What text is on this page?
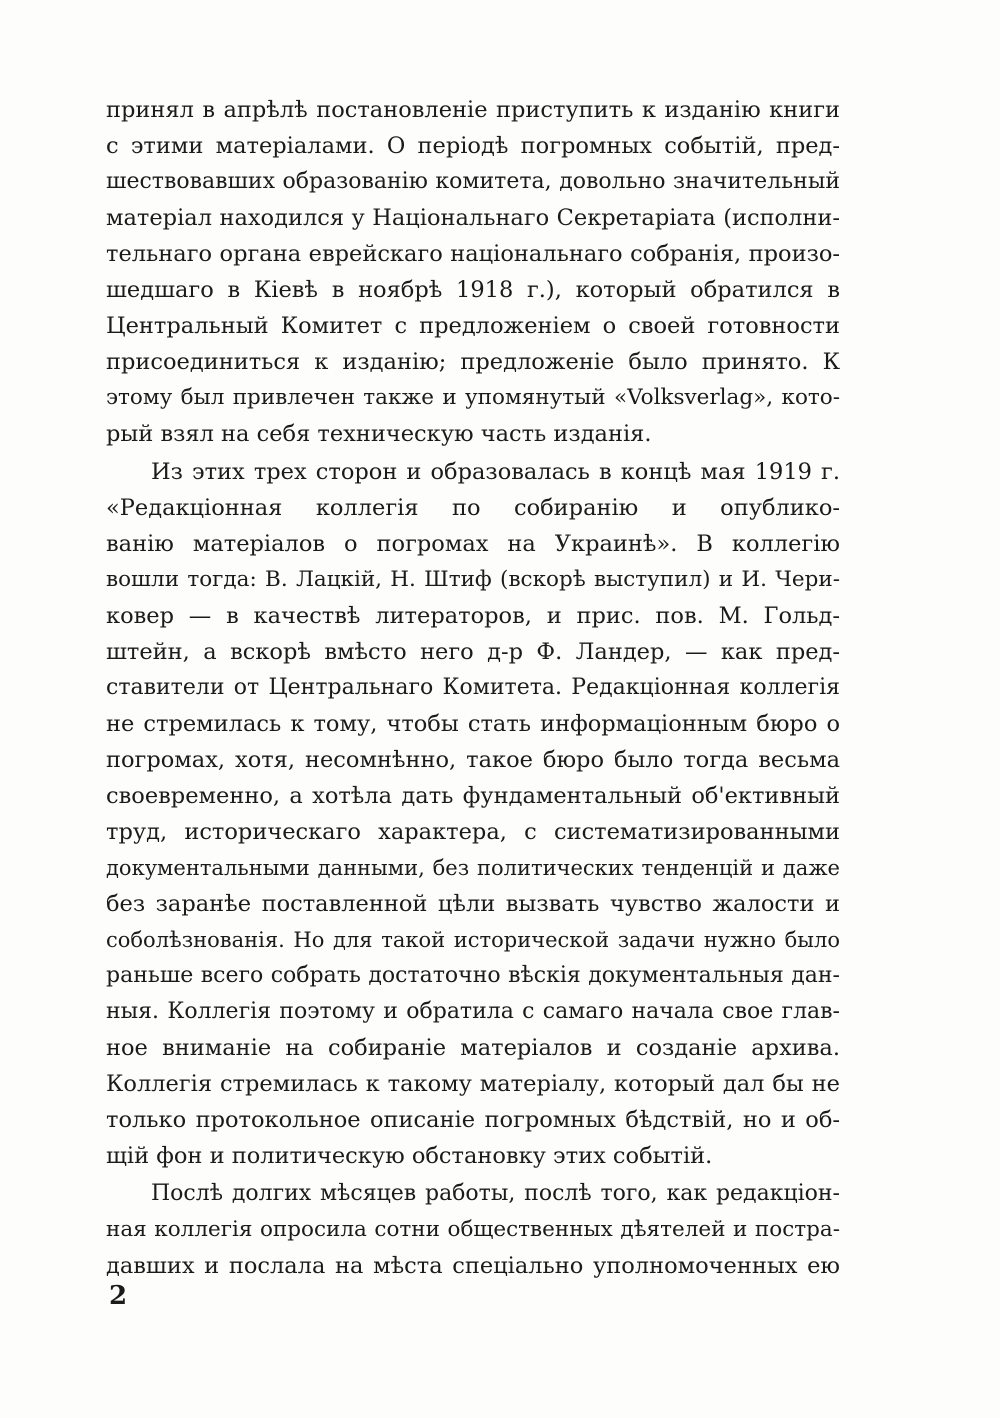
принял в апрѣлѣ постановленіе приступить к изданію книги
с этими матеріалами. О періодѣ погромных событій, пред-
шествовавших образованію комитета, довольно значительный
матеріал находился у Національнаго Секретаріата (исполни-
тельнаго органа еврейскаго національнаго собранія, произо-
шедшаго в Кіевѣ в ноябрѣ 1918 г.), который обратился в
Центральный Комитет с предложеніем о своей готовности
присоединиться к изданію; предложеніе было принято. К
этому был привлечен также и упомянутый «Volksverlag», кото-
рый взял на себя техническую часть изданія.
Из этих трех сторон и образовалась в концѣ мая 1919 г.
«Редакціонная коллегія по собиранію и опублико-
ванію матеріалов о погромах на Украинѣ». В коллегію
вошли тогда: В. Лацкій, Н. Штиф (вскорѣ выступил) и И. Чери-
ковер — в качествѣ литераторов, и прис. пов. М. Гольд-
штейн, а вскорѣ вмѣсто него д-р Ф. Ландер, — как пред-
ставители от Центральнаго Комитета. Редакціонная коллегія
не стремилась к тому, чтобы стать информаціонным бюро о
погромах, хотя, несомнѣнно, такое бюро было тогда весьма
своевременно, а хотѣла дать фундаментальный об'ективный
труд, историческаго характера, с систематизированными
документальными данными, без политических тенденцій и даже
без заранѣе поставленной цѣли вызвать чувство жалости и
соболѣзнованія. Но для такой исторической задачи нужно было
раньше всего собрать достаточно вѣскія документальныя дан-
ныя. Коллегія поэтому и обратила с самаго начала свое глав-
ное вниманіе на собираніе матеріалов и созданіе архива.
Коллегія стремилась к такому матеріалу, который дал бы не
только протокольное описаніе погромных бѣдствій, но и об-
щій фон и политическую обстановку этих событій.
Послѣ долгих мѣсяцев работы, послѣ того, как редакціон-
ная коллегія опросила сотни общественных дѣятелей и постра-
давших и послала на мѣста спеціально уполномоченных ею
2
